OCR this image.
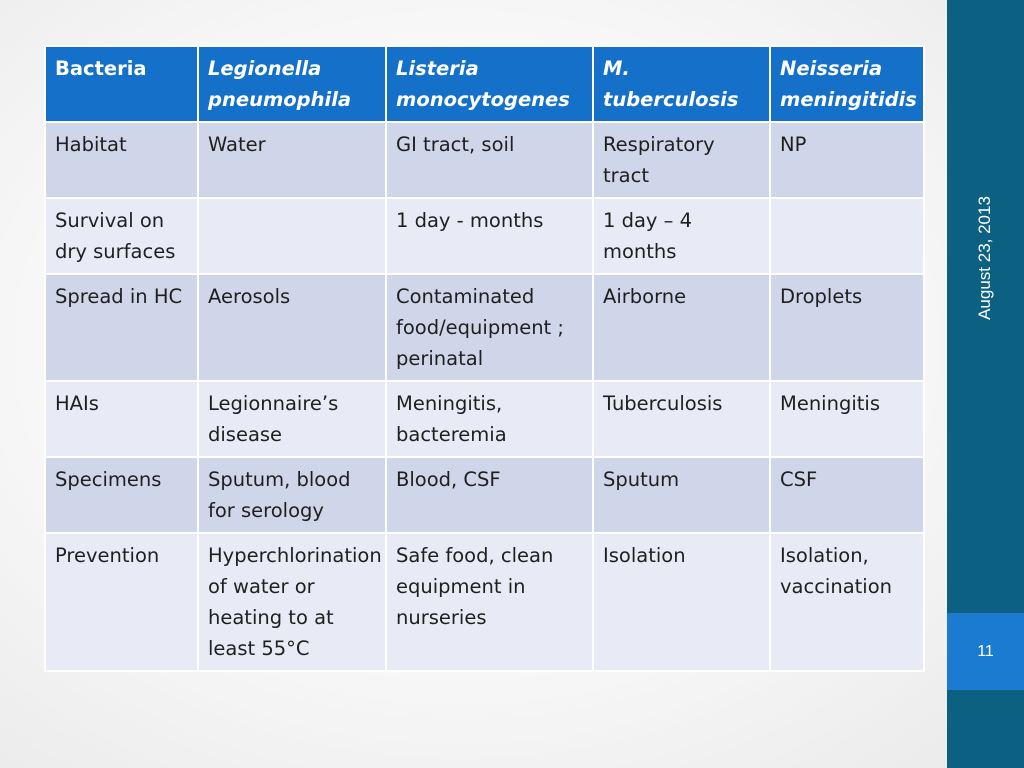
Bacteria	Legionella pneumophila	Listeria monocytogenes	M. tuberculosis	Neisseria meningitidis
Habitat	Water	GI tract, soil	Respiratory tract	NP
Survival on dry surfaces		1 day - months	1 day – 4 months	
Spread in HC	Aerosols	Contaminated food/equipment ; perinatal	Airborne	Droplets
HAIs	Legionnaire’s disease	Meningitis, bacteremia	Tuberculosis	Meningitis
Specimens	Sputum, blood for serology	Blood, CSF	Sputum	CSF
Prevention	Hyperchlorination of water or heating to at least 55°C	Safe food, clean equipment in nurseries	Isolation	Isolation, vaccination
August 23, 2013
11
